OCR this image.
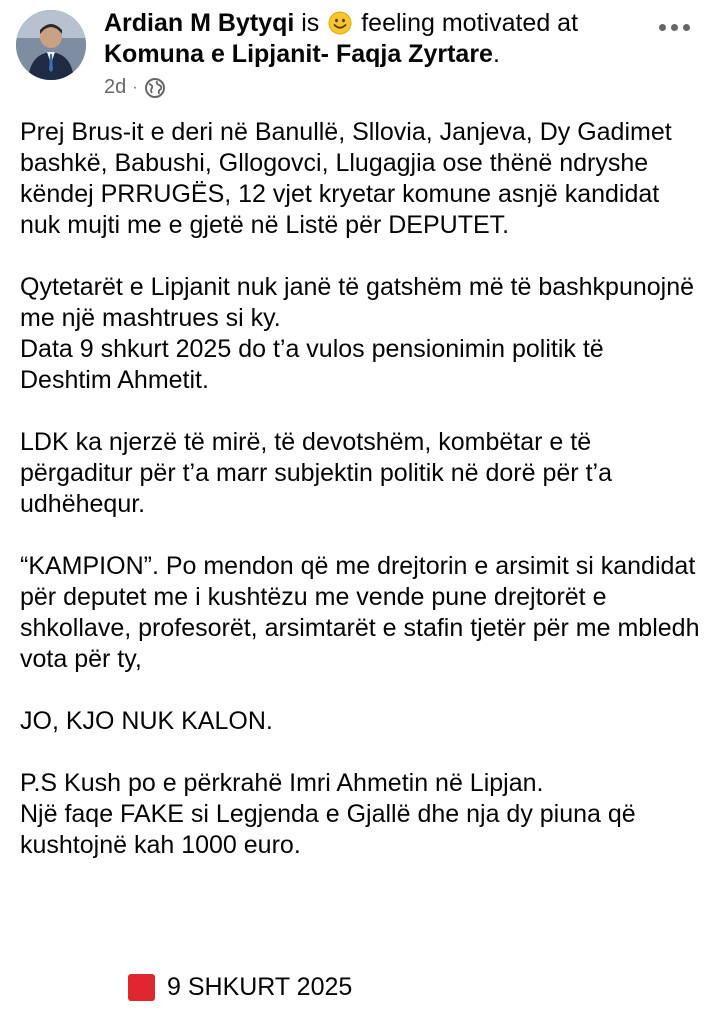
Ardian M Bytyqi is feeling motivated at Komuna e Lipjanit- Faqja Zyrtare.
2d ·

Prej Brus-it e deri në Banullë, Sllovia, Janjeva, Dy Gadimet bashkë, Babushi, Gllogovci, Llugagjia ose thënë ndryshe këndej PRRUGËS, 12 vjet kryetar komune asnjë kandidat nuk mujti me e gjetë në Listë për DEPUTET.

Qytetarët e Lipjanit nuk janë të gatshëm më të bashkpunojnë me një mashtrues si ky.
Data 9 shkurt 2025 do t’a vulos pensionimin politik të Deshtim Ahmetit.

LDK ka njerzë të mirë, të devotshëm, kombëtar e të përgaditur për t’a marr subjektin politik në dorë për t’a udhëhequr.

“KAMPION”. Po mendon që me drejtorin e arsimit si kandidat për deputet me i kushtëzu me vende pune drejtorët e shkollave, profesorët, arsimtarët e stafin tjetër për me mbledh vota për ty,

JO, KJO NUK KALON.

P.S Kush po e përkrahë Imri Ahmetin në Lipjan.
Një faqe FAKE si Legjenda e Gjallë dhe nja dy piuna që kushtojnë kah 1000 euro.

9 SHKURT 2025
